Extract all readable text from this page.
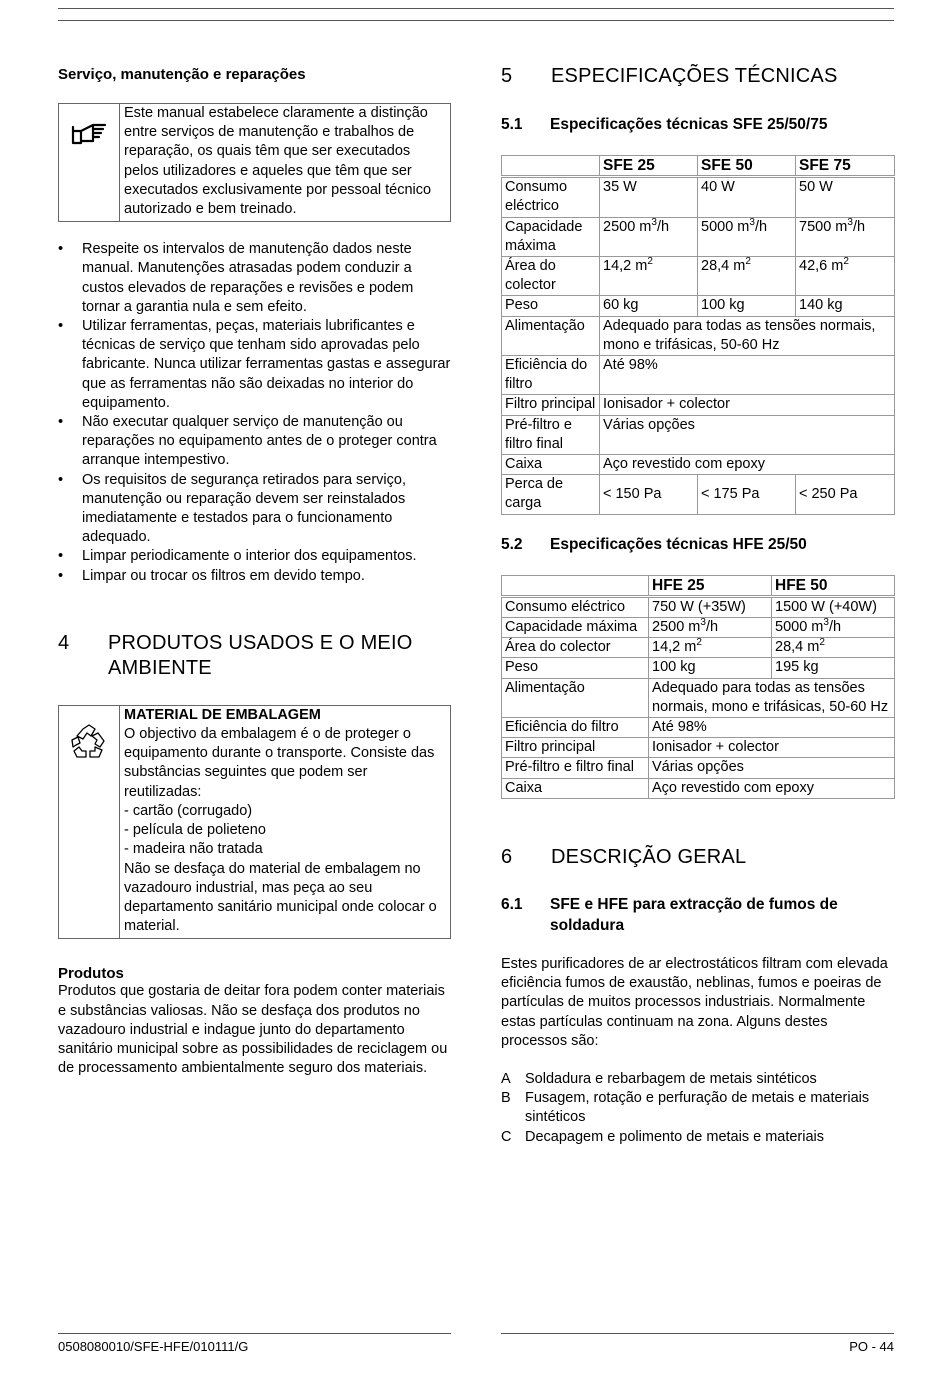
Serviço, manutenção e reparações
Este manual estabelece claramente a distinção entre serviços de manutenção e trabalhos de reparação, os quais têm que ser executados pelos utilizadores e aqueles que têm que ser executados exclusivamente por pessoal técnico autorizado e bem treinado.
• Respeite os intervalos de manutenção dados neste manual. Manutenções atrasadas podem conduzir a custos elevados de reparações e revisões e podem tornar a garantia nula e sem efeito.
• Utilizar ferramentas, peças, materiais lubrificantes e técnicas de serviço que tenham sido aprovadas pelo fabricante. Nunca utilizar ferramentas gastas e assegurar que as ferramentas não são deixadas no interior do equipamento.
• Não executar qualquer serviço de manutenção ou reparações no equipamento antes de o proteger contra arranque intempestivo.
• Os requisitos de segurança retirados para serviço, manutenção ou reparação devem ser reinstalados imediatamente e testados para o funcionamento adequado.
• Limpar periodicamente o interior dos equipamentos.
• Limpar ou trocar os filtros em devido tempo.
4	PRODUTOS USADOS E O MEIO AMBIENTE
MATERIAL DE EMBALAGEM
O objectivo da embalagem é o de proteger o equipamento durante o transporte. Consiste das substâncias seguintes que podem ser reutilizadas:
- cartão (corrugado)
- película de polieteno
- madeira não tratada
Não se desfaça do material de embalagem no vazadouro industrial, mas peça ao seu departamento sanitário municipal onde colocar o material.
Produtos

Produtos que gostaria de deitar fora podem conter materiais e substâncias valiosas. Não se desfaça dos produtos no vazadouro industrial e indague junto do departamento sanitário municipal sobre as possibilidades de reciclagem ou de processamento ambientalmente seguro dos materiais.

5	ESPECIFICAÇÕES TÉCNICAS
5.1	Especificações técnicas SFE 25/50/75
	SFE 25	SFE 50	SFE 75
Consumo eléctrico	35 W	40 W	50 W
Capacidade máxima	2500 $m^3/h$	5000 $m^3/h$	7500 $m^3/h$
Área do colector	14,2 $m^2$	28,4 $m^2$	42,6 $m^2$
Peso	60 kg	100 kg	140 kg
Alimentação	Adequado para todas as tensões normais, mono e trifásicas, 50-60 Hz		
Eficiência do filtro	Até 98%		
Filtro principal	Ionisador + colector		
Pré-filtro e filtro final	Várias opções		
Caixa	Aço revestido com epoxy		
Perca de carga	< 150 Pa	< 175 Pa	< 250 Pa
5.2	Especificações técnicas HFE 25/50
	HFE 25	HFE 50
Consumo eléctrico	750 W (+35W)	1500 W (+40W)
Capacidade máxima	2500 $m^3/h$	5000 $m^3/h$
Área do colector	14,2 $m^2$	28,4 $m^2$
Peso	100 kg	195 kg
Alimentação	Adequado para todas as tensões normais, mono e trifásicas, 50-60 Hz	
Eficiência do filtro	Até 98%	
Filtro principal	Ionisador + colector	
Pré-filtro e filtro final	Várias opções	
Caixa	Aço revestido com epoxy	
6	DESCRIÇÃO GERAL
6.1	SFE e HFE para extracção de fumos de soldadura

Estes purificadores de ar electrostáticos filtram com elevada eficiência fumos de exaustão, neblinas, fumos e poeiras de partículas de muitos processos industriais. Normalmente estas partículas continuam na zona. Alguns destes processos são:

A Soldadura e rebarbagem de metais sintéticos
B Fusagem, rotação e perfuração de metais e materiais sintéticos
C Decapagem e polimento de metais e materiais
0508080010/SFE-HFE/010111/G	PO - 44
